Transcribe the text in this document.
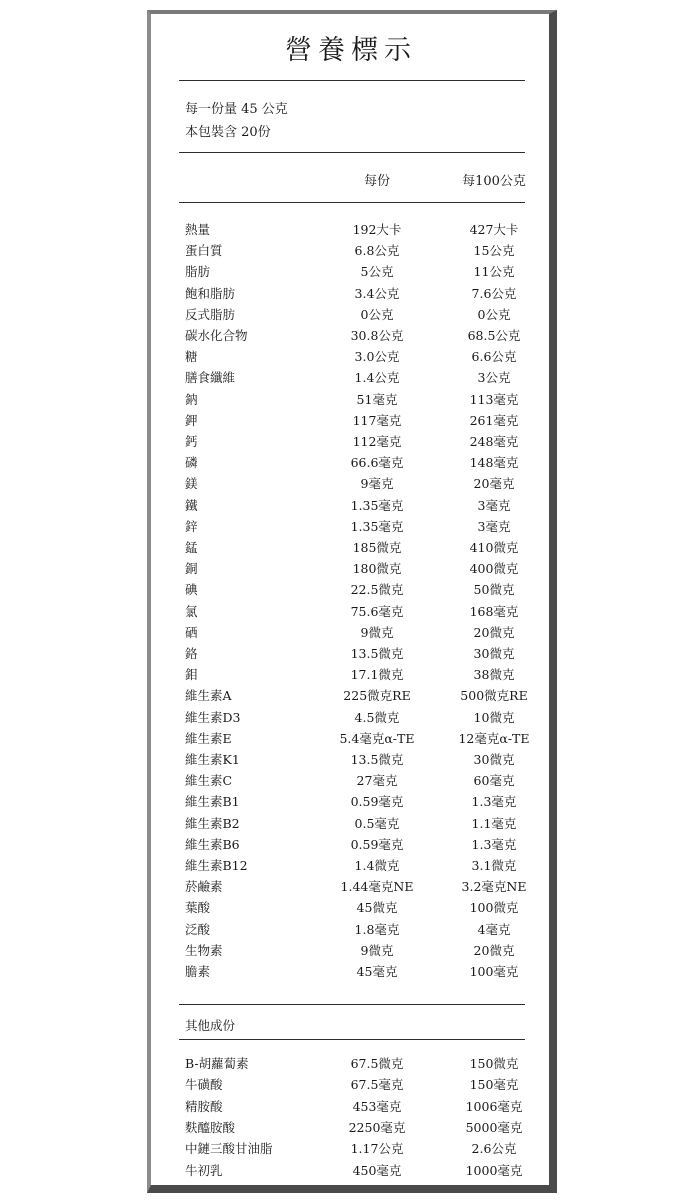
營養標示
每一份量 45 公克
本包裝含 20份
每份	每100公克
熱量	192大卡	427大卡
蛋白質	6.8公克	15公克
脂肪	5公克	11公克
飽和脂肪	3.4公克	7.6公克
反式脂肪	0公克	0公克
碳水化合物	30.8公克	68.5公克
糖	3.0公克	6.6公克
膳食纖維	1.4公克	3公克
鈉	51毫克	113毫克
鉀	117毫克	261毫克
鈣	112毫克	248毫克
磷	66.6毫克	148毫克
鎂	9毫克	20毫克
鐵	1.35毫克	3毫克
鋅	1.35毫克	3毫克
錳	185微克	410微克
銅	180微克	400微克
碘	22.5微克	50微克
氯	75.6毫克	168毫克
硒	9微克	20微克
鉻	13.5微克	30微克
鉬	17.1微克	38微克
維生素A	225微克RE	500微克RE
維生素D3	4.5微克	10微克
維生素E	5.4毫克α-TE	12毫克α-TE
維生素K1	13.5微克	30微克
維生素C	27毫克	60毫克
維生素B1	0.59毫克	1.3毫克
維生素B2	0.5毫克	1.1毫克
維生素B6	0.59毫克	1.3毫克
維生素B12	1.4微克	3.1微克
菸鹼素	1.44毫克NE	3.2毫克NE
葉酸	45微克	100微克
泛酸	1.8毫克	4毫克
生物素	9微克	20微克
膽素	45毫克	100毫克
其他成份
B-胡蘿蔔素	67.5微克	150微克
牛磺酸	67.5毫克	150毫克
精胺酸	453毫克	1006毫克
麩醯胺酸	2250毫克	5000毫克
中鏈三酸甘油脂	1.17公克	2.6公克
牛初乳	450毫克	1000毫克
